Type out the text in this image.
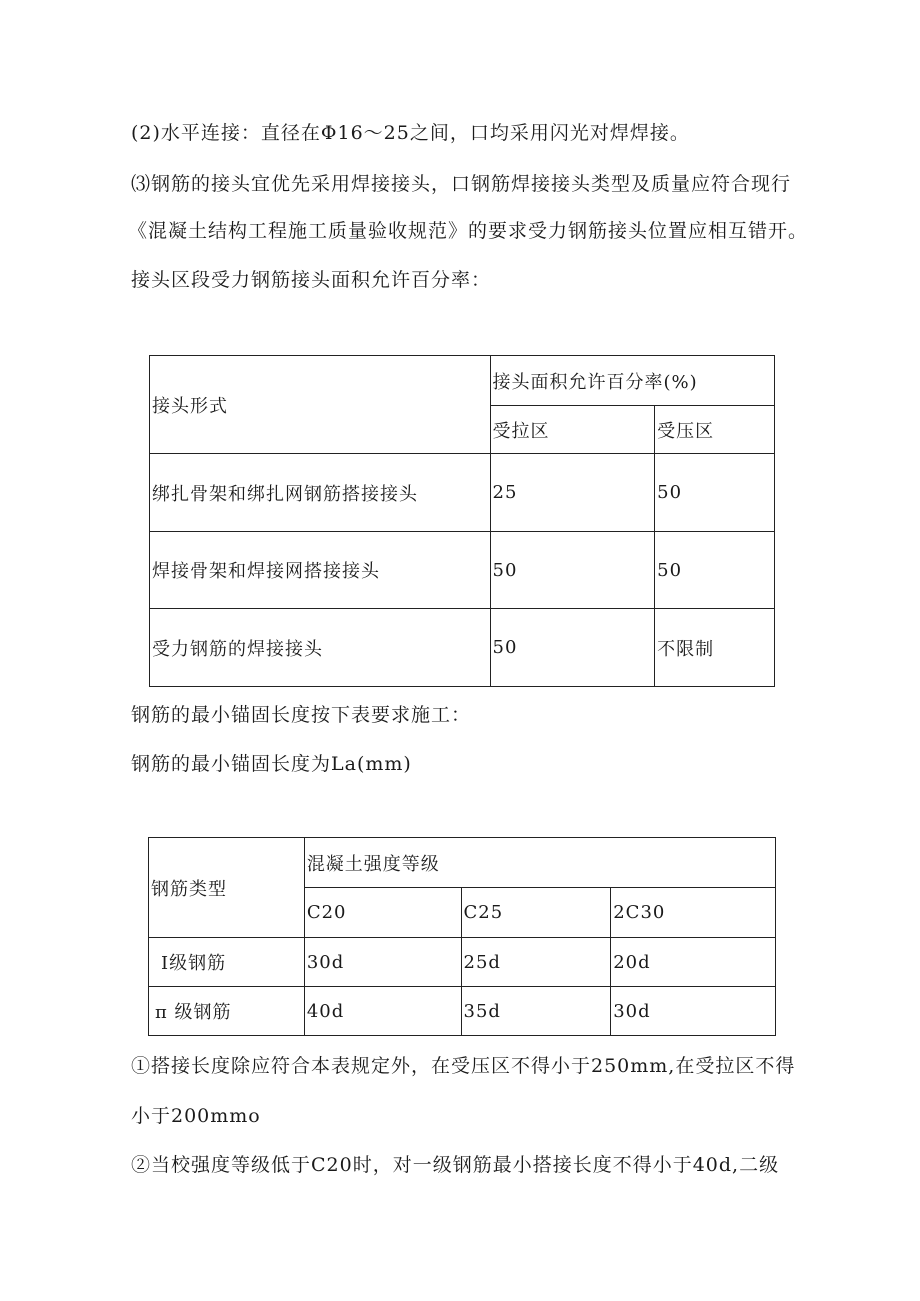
(2)水平连接：直径在Φ16～25之间，口均采用闪光对焊焊接。
⑶钢筋的接头宜优先采用焊接接头，口钢筋焊接接头类型及质量应符合现行
《混凝土结构工程施工质量验收规范》的要求受力钢筋接头位置应相互错开。
接头区段受力钢筋接头面积允许百分率：
接头形式	接头面积允许百分率(%)	
	受拉区	受压区
绑扎骨架和绑扎网钢筋搭接接头	25	50
焊接骨架和焊接网搭接接头	50	50
受力钢筋的焊接接头	50	不限制
钢筋的最小锚固长度按下表要求施工：
钢筋的最小锚固长度为La(mm)
钢筋类型	混凝土强度等级		
	C20	C25	2C30
Ⅰ级钢筋	30d	25d	20d
π 级钢筋	40d	35d	30d
①搭接长度除应符合本表规定外，在受压区不得小于250mm,在受拉区不得
小于200mmo
②当校强度等级低于C20时，对一级钢筋最小搭接长度不得小于40d,二级
